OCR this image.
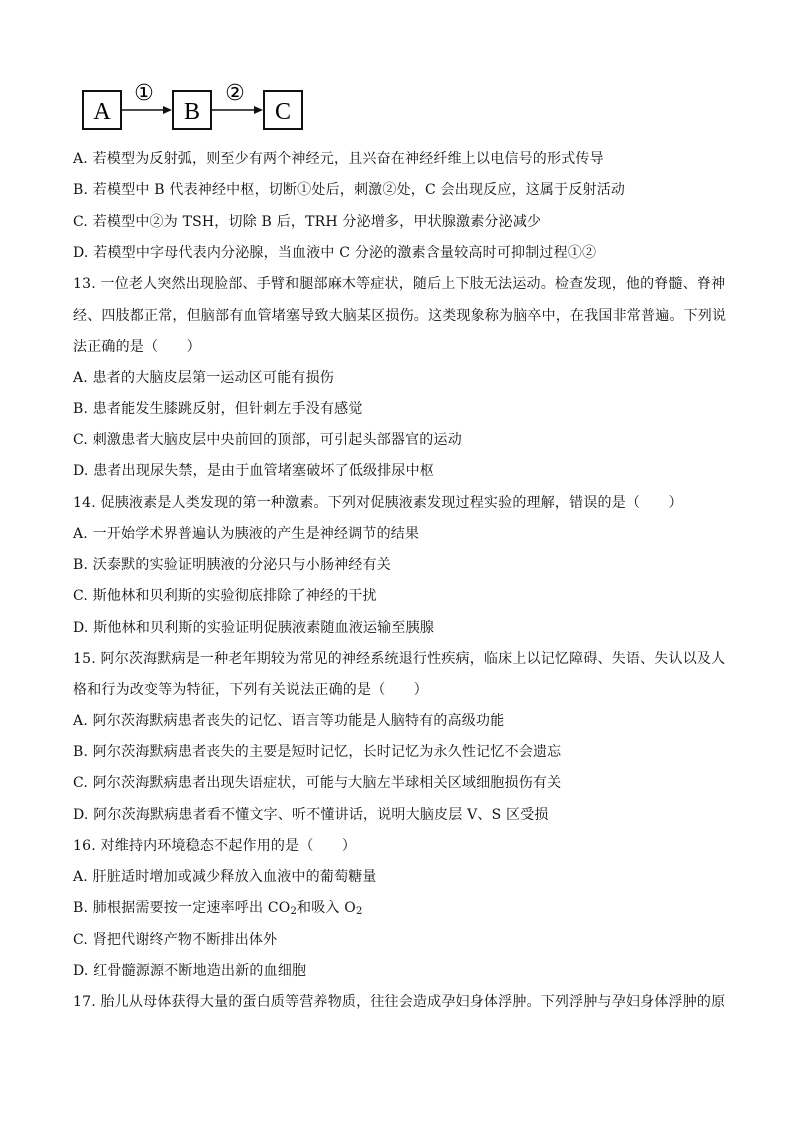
A
①
B
②
C
A. 若模型为反射弧，则至少有两个神经元，且兴奋在神经纤维上以电信号的形式传导
B. 若模型中 B 代表神经中枢，切断①处后，刺激②处，C 会出现反应，这属于反射活动
C. 若模型中②为 TSH，切除 B 后，TRH 分泌增多，甲状腺激素分泌减少
D. 若模型中字母代表内分泌腺，当血液中 C 分泌的激素含量较高时可抑制过程①②
13. 一位老人突然出现脸部、手臂和腿部麻木等症状，随后上下肢无法运动。检查发现，他的脊髓、脊神
经、四肢都正常，但脑部有血管堵塞导致大脑某区损伤。这类现象称为脑卒中，在我国非常普遍。下列说
法正确的是（　　）
A. 患者的大脑皮层第一运动区可能有损伤
B. 患者能发生膝跳反射，但针刺左手没有感觉
C. 刺激患者大脑皮层中央前回的顶部，可引起头部器官的运动
D. 患者出现尿失禁，是由于血管堵塞破坏了低级排尿中枢
14. 促胰液素是人类发现的第一种激素。下列对促胰液素发现过程实验的理解，错误的是（　　）
A. 一开始学术界普遍认为胰液的产生是神经调节的结果
B. 沃泰默的实验证明胰液的分泌只与小肠神经有关
C. 斯他林和贝利斯的实验彻底排除了神经的干扰
D. 斯他林和贝利斯的实验证明促胰液素随血液运输至胰腺
15. 阿尔茨海默病是一种老年期较为常见的神经系统退行性疾病，临床上以记忆障碍、失语、失认以及人
格和行为改变等为特征，下列有关说法正确的是（　　）
A. 阿尔茨海默病患者丧失的记忆、语言等功能是人脑特有的高级功能
B. 阿尔茨海默病患者丧失的主要是短时记忆，长时记忆为永久性记忆不会遗忘
C. 阿尔茨海默病患者出现失语症状，可能与大脑左半球相关区域细胞损伤有关
D. 阿尔茨海默病患者看不懂文字、听不懂讲话，说明大脑皮层 V、S 区受损
16. 对维持内环境稳态不起作用的是（　　）
A. 肝脏适时增加或减少释放入血液中的葡萄糖量
B. 肺根据需要按一定速率呼出 $CO_2$和吸入 $O_2$
C. 肾把代谢终产物不断排出体外
D. 红骨髓源源不断地造出新的血细胞
17. 胎儿从母体获得大量的蛋白质等营养物质，往往会造成孕妇身体浮肿。下列浮肿与孕妇身体浮肿的原
